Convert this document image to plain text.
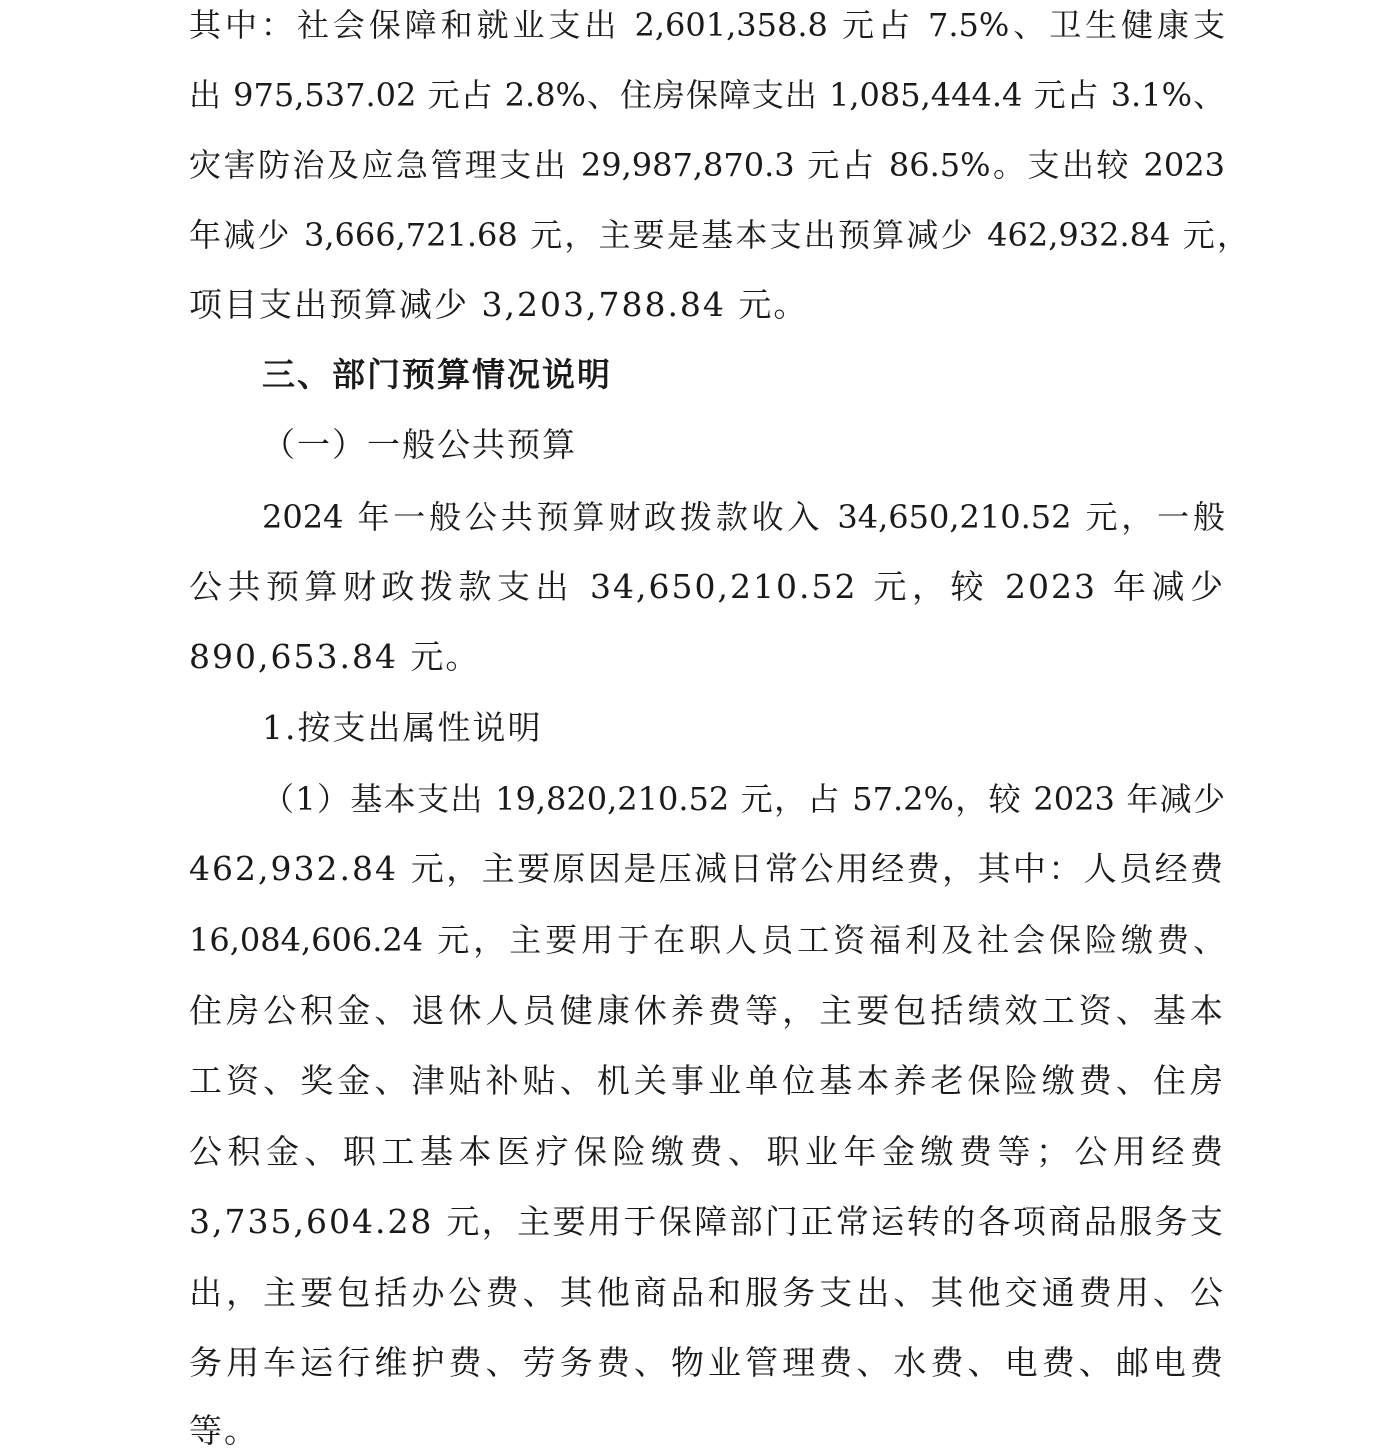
其中：社会保障和就业支出 2,601,358.8 元占 7.5%、卫生健康支
出 975,537.02 元占 2.8%、住房保障支出 1,085,444.4 元占 3.1%、
灾害防治及应急管理支出 29,987,870.3 元占 86.5%。支出较 2023
年减少 3,666,721.68 元，主要是基本支出预算减少 462,932.84 元，
项目支出预算减少 3,203,788.84 元。
三、部门预算情况说明
（一）一般公共预算
2024 年一般公共预算财政拨款收入 34,650,210.52 元，一般
公共预算财政拨款支出 34,650,210.52 元，较 2023 年减少
890,653.84 元。
1.按支出属性说明
（1）基本支出 19,820,210.52 元，占 57.2%，较 2023 年减少
462,932.84 元，主要原因是压减日常公用经费，其中：人员经费
16,084,606.24 元，主要用于在职人员工资福利及社会保险缴费、
住房公积金、退休人员健康休养费等，主要包括绩效工资、基本
工资、奖金、津贴补贴、机关事业单位基本养老保险缴费、住房
公积金、职工基本医疗保险缴费、职业年金缴费等；公用经费
3,735,604.28 元，主要用于保障部门正常运转的各项商品服务支
出，主要包括办公费、其他商品和服务支出、其他交通费用、公
务用车运行维护费、劳务费、物业管理费、水费、电费、邮电费
等。
